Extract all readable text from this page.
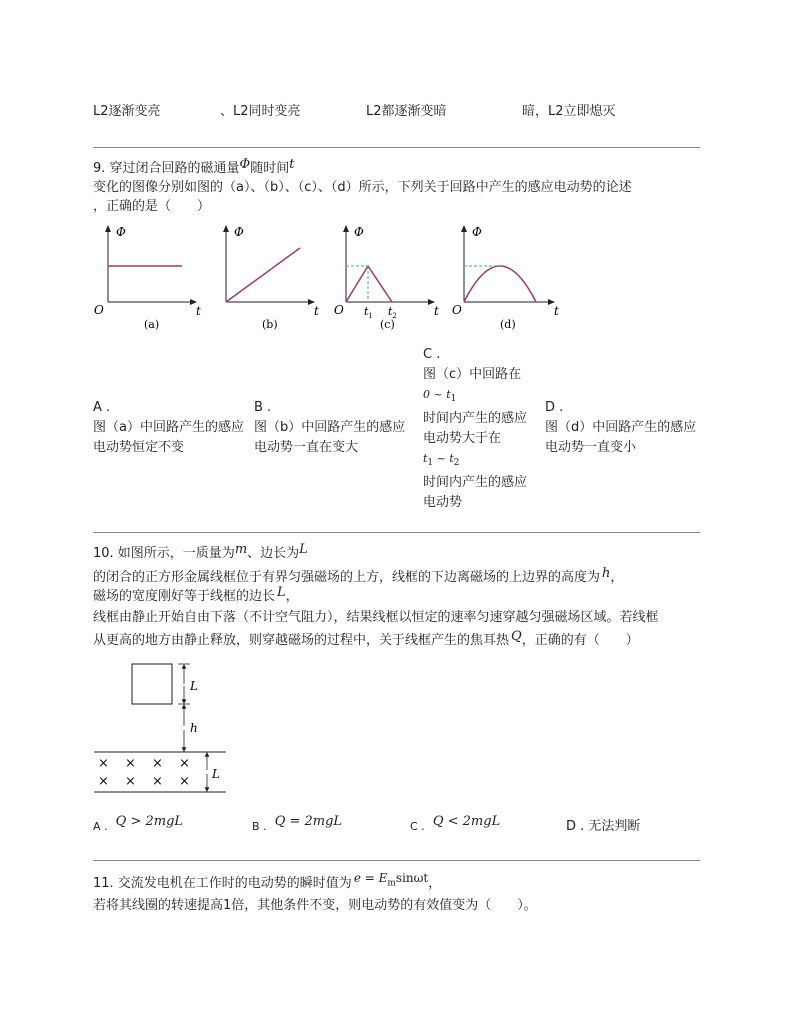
L2逐渐变亮	、L2同时变亮	L2都逐渐变暗	暗，L2立即熄灭
9. 穿过闭合回路的磁通量Φ随时间t
变化的图像分别如图的（a）、（b）、（c）、（d）所示，下列关于回路中产生的感应电动势的论述
，正确的是（　　）
Φ
O	t
(a)
Φ
t
(b)
Φ
O	t
$t_1$ $t_2$
(c)
Φ
O	t
(d)
A .
图（a）中回路产生的感应
电动势恒定不变
B .
图（b）中回路产生的感应
电动势一直在变大
C .
图（c）中回路在
0 ~ $t_1$
时间内产生的感应
电动势大于在
$t_1$ ~ $t_2$
时间内产生的感应
电动势
D .
图（d）中回路产生的感应
电动势一直变小
10. 如图所示，一质量为m、边长为L
的闭合的正方形金属线框位于有界匀强磁场的上方，线框的下边离磁场的上边界的高度为 h，
磁场的宽度刚好等于线框的边长 L，
线框由静止开始自由下落（不计空气阻力），结果线框以恒定的速率匀速穿越匀强磁场区域。若线框
从更高的地方由静止释放，则穿越磁场的过程中，关于线框产生的焦耳热 Q，正确的有（　　）
L
h
× × × ×
× × × × L
$_{A .}$ Q > 2mgL	$_{B .}$ Q = 2mgL	$_{C .}$ Q < 2mgL	D . 无法判断
11. 交流发电机在工作时的电动势的瞬时值为 $e = E_m\sin\omega t$，
若将其线圈的转速提高1倍，其他条件不变，则电动势的有效值变为（　　）。
